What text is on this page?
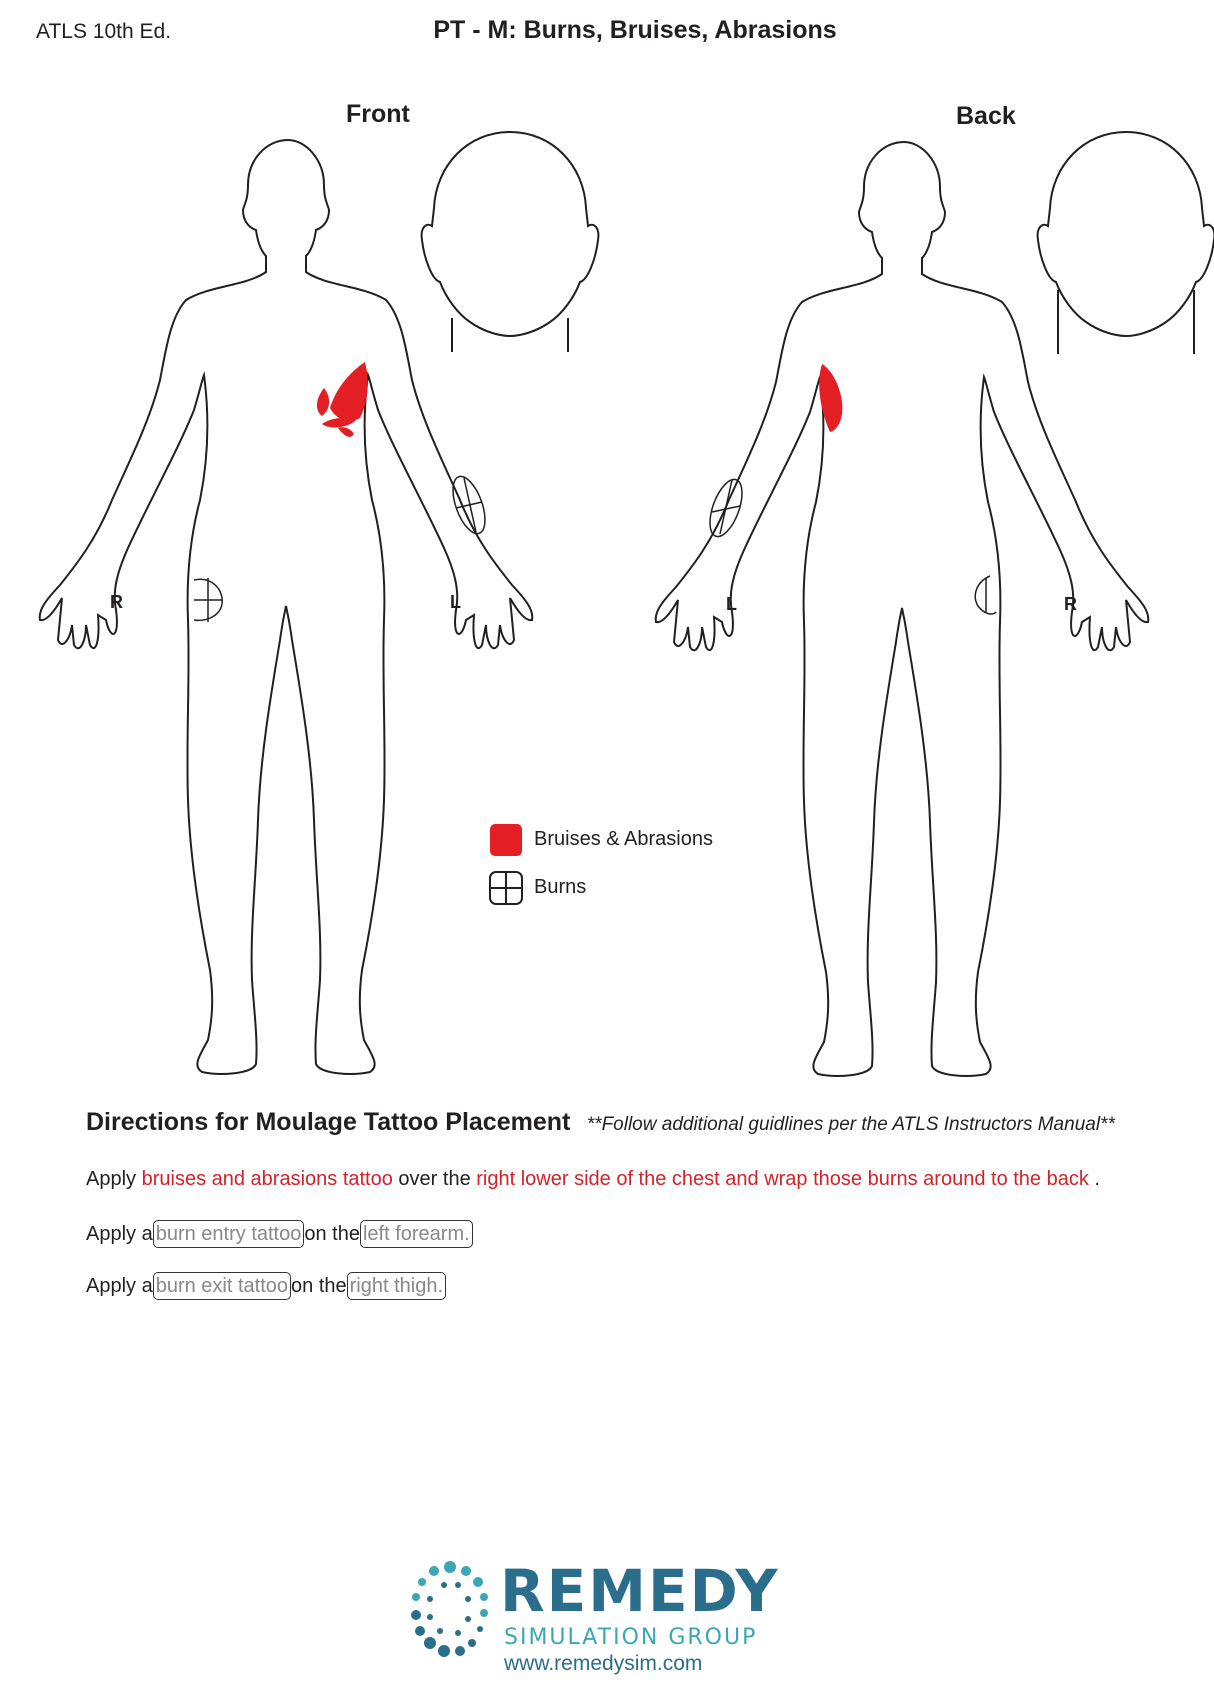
ATLS 10th Ed.	PT - M: Burns, Bruises, Abrasions
Front	Back
R	L	L	R
Bruises & Abrasions
Burns
Directions for Moulage Tattoo Placement **Follow additional guidlines per the ATLS Instructors Manual**
Apply bruises and abrasions tattoo over the right lower side of the chest and wrap those burns around to the back .
Apply a burn entry tattoo on the left forearm.
Apply a burn exit tattoo on the right thigh.
REMEDY
SIMULATION GROUP
www.remedysim.com
